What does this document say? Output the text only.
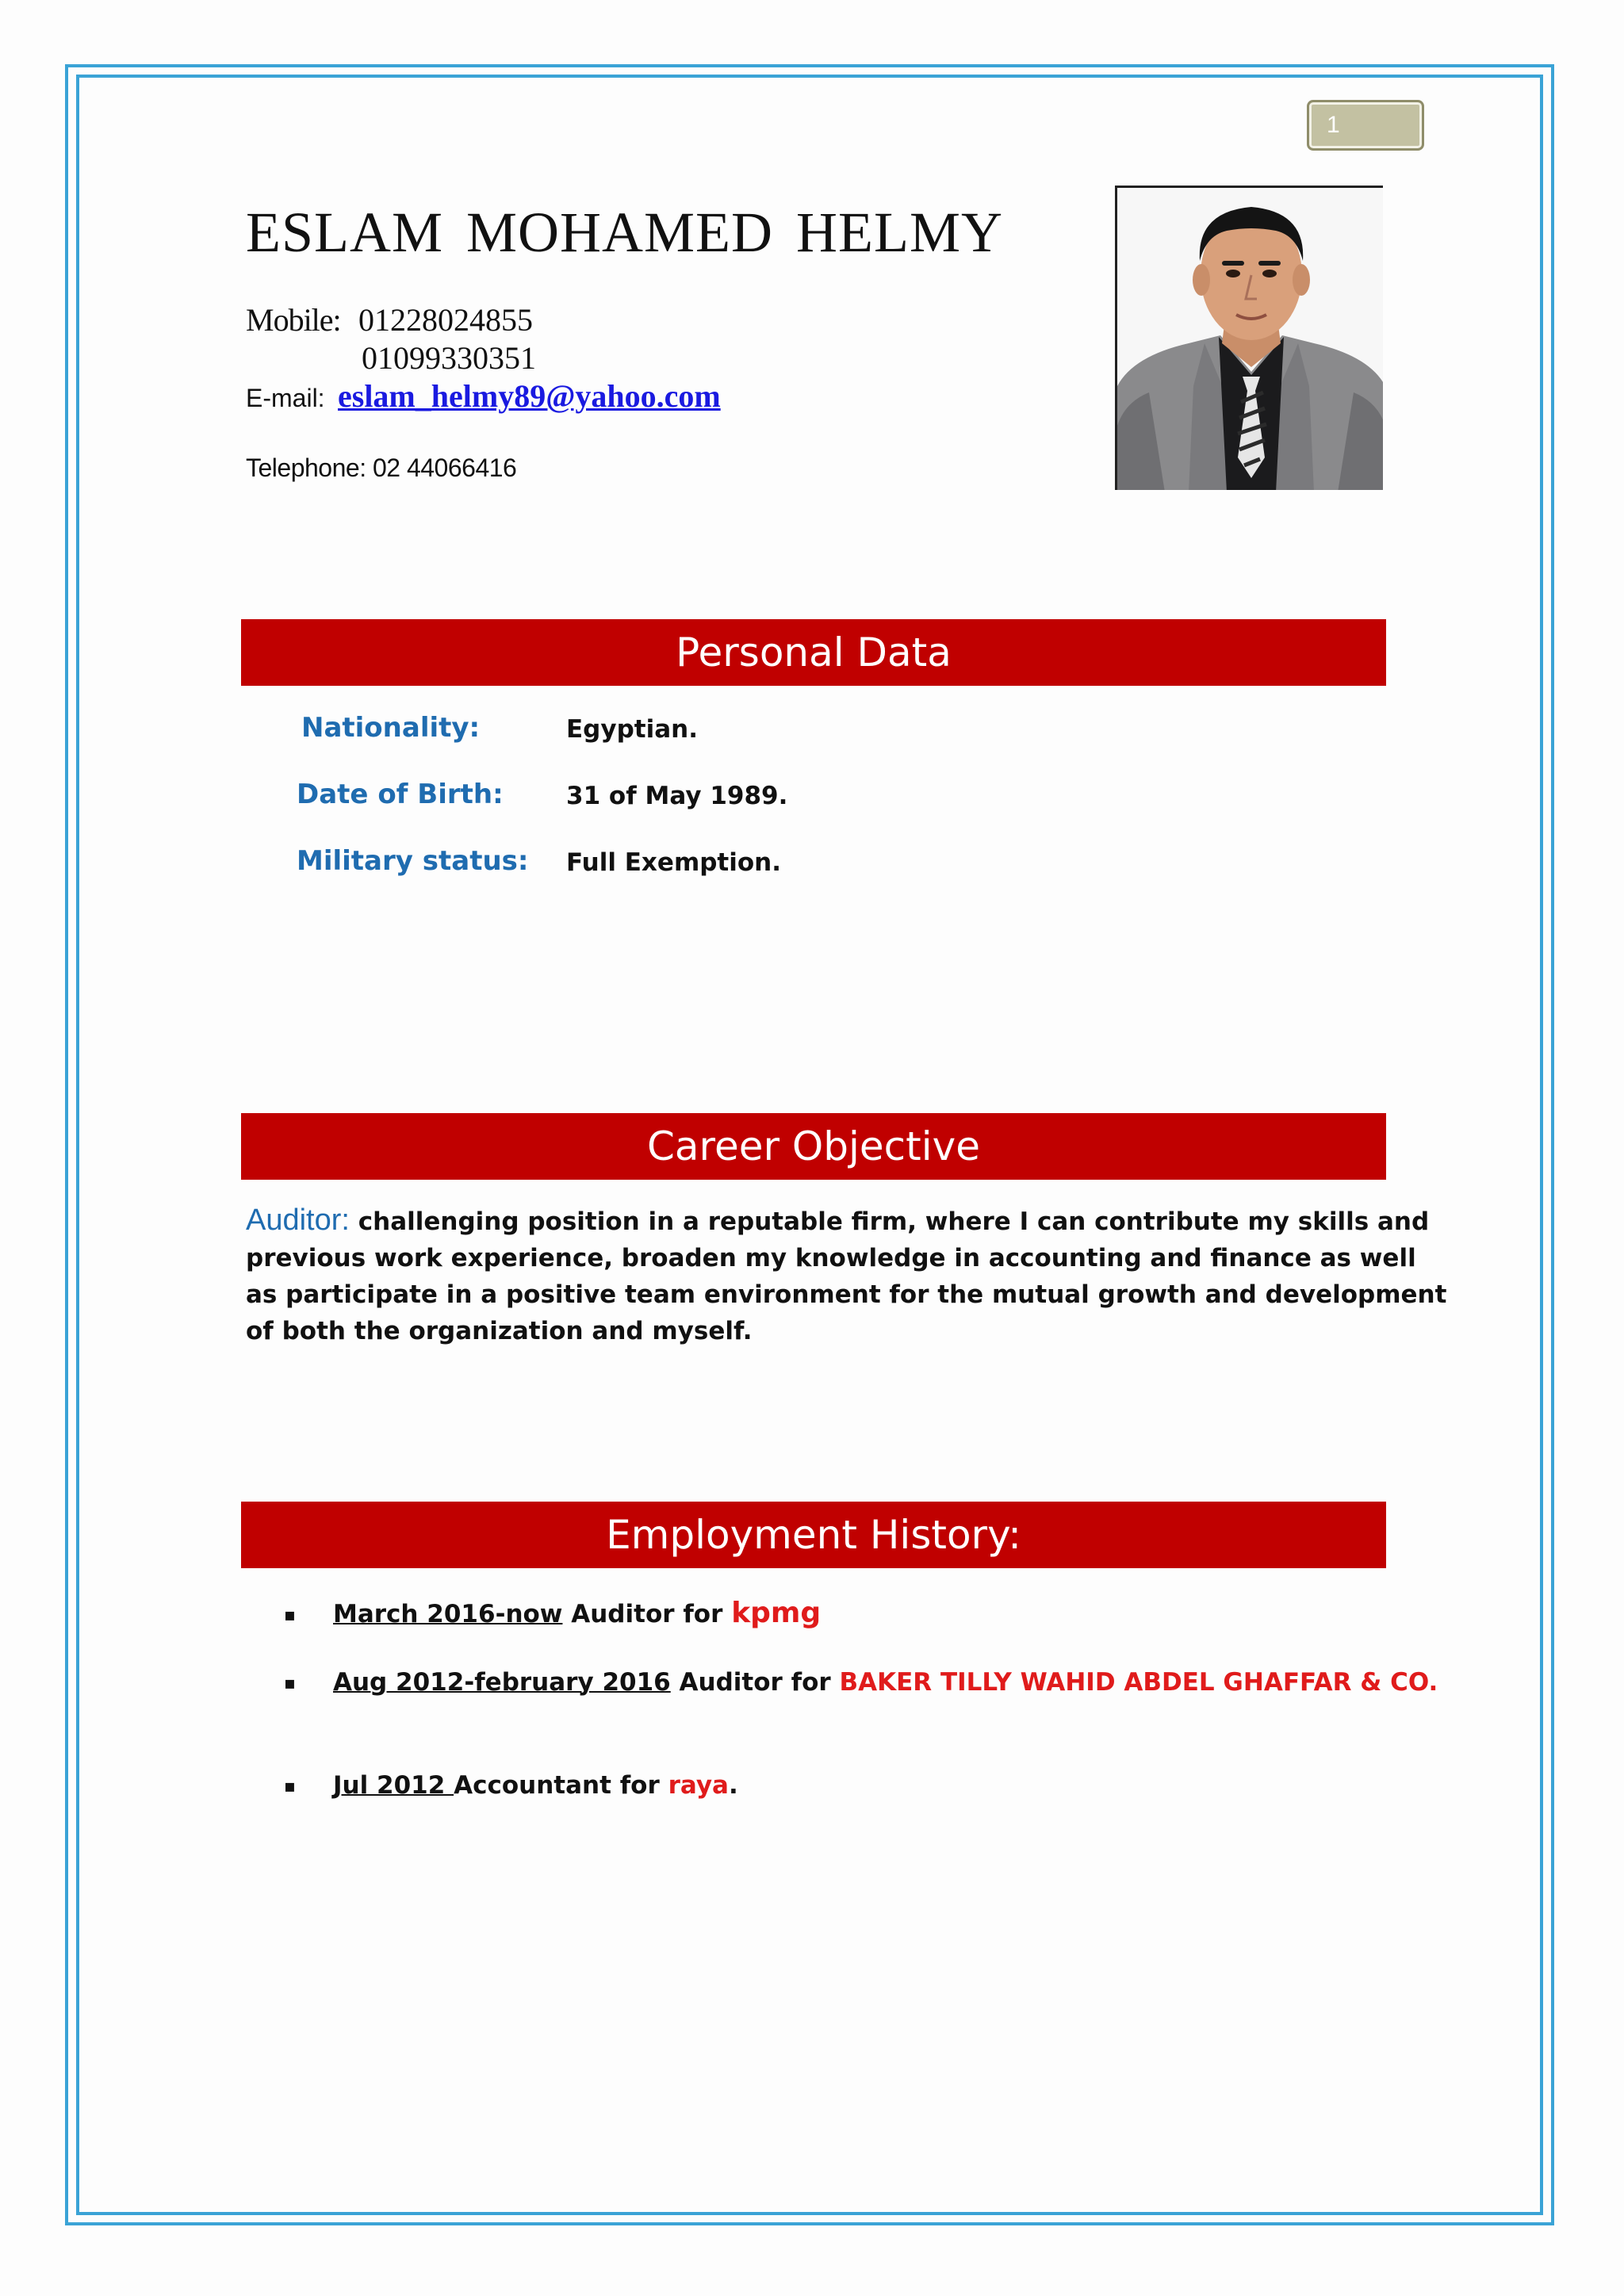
1
ESLAM MOHAMED HELMY
Mobile: 01228024855
01099330351
E-mail: eslam_helmy89@yahoo.com
Telephone: 02 44066416
Personal Data
Nationality:	Egyptian.
Date of Birth:	31 of May 1989.
Military status: Full Exemption.
Career Objective
Auditor: challenging position in a reputable firm, where I can contribute my skills and previous work experience, broaden my knowledge in accounting and finance as well as participate in a positive team environment for the mutual growth and development of both the organization and myself.
Employment History:
▪ March 2016-now Auditor for kpmg
▪ Aug 2012-february 2016 Auditor for BAKER TILLY WAHID ABDEL GHAFFAR & CO.
▪ Jul 2012 Accountant for raya.
